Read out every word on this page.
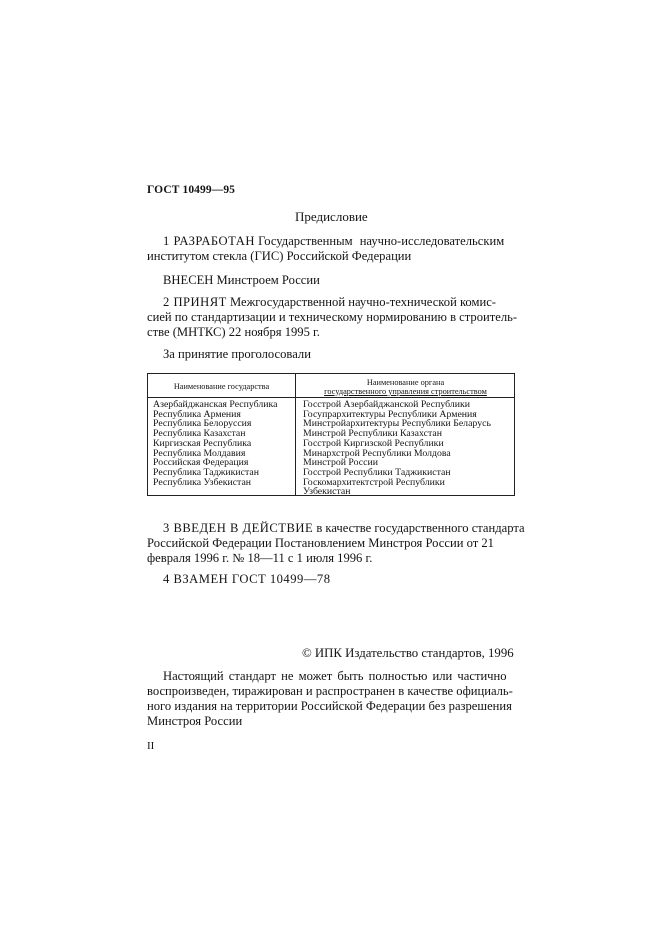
ГОСТ 10499—95
Предисловие
1 РАЗРАБОТАН Государственным научно-исследовательским
институтом стекла (ГИС) Российской Федерации
ВНЕСЕН Минстроем России
2 ПРИНЯТ Межгосударственной научно-технической комис-
сией по стандартизации и техническому нормированию в строитель-
стве (МНТКС) 22 ноября 1995 г.
За принятие проголосовали
Наименование государства	Наименование органа
государственного управления строительством
Азербайджанская Республика	Госстрой Азербайджанской Республики
Республика Армения	Госупрархитектуры Республики Армения
Республика Белоруссия	Минстройархитектуры Республики Беларусь
Республика Казахстан	Минстрой Республики Казахстан
Киргизская Республика	Госстрой Киргизской Республики
Республика Молдавия	Минархстрой Республики Молдова
Российская Федерация	Минстрой России
Республика Таджикистан	Госстрой Республики Таджикистан
Республика Узбекистан	Госкомархитектстрой Республики
Узбекистан
3 ВВЕДЕН В ДЕЙСТВИЕ в качестве государственного стандарта
Российской Федерации Постановлением Минстроя России от 21
февраля 1996 г. № 18—11 с 1 июля 1996 г.
4 ВЗАМЕН ГОСТ 10499—78
© ИПК Издательство стандартов, 1996
Настоящий стандарт не может быть полностью или частично
воспроизведен, тиражирован и распространен в качестве официаль-
ного издания на территории Российской Федерации без разрешения
Минстроя России
II
